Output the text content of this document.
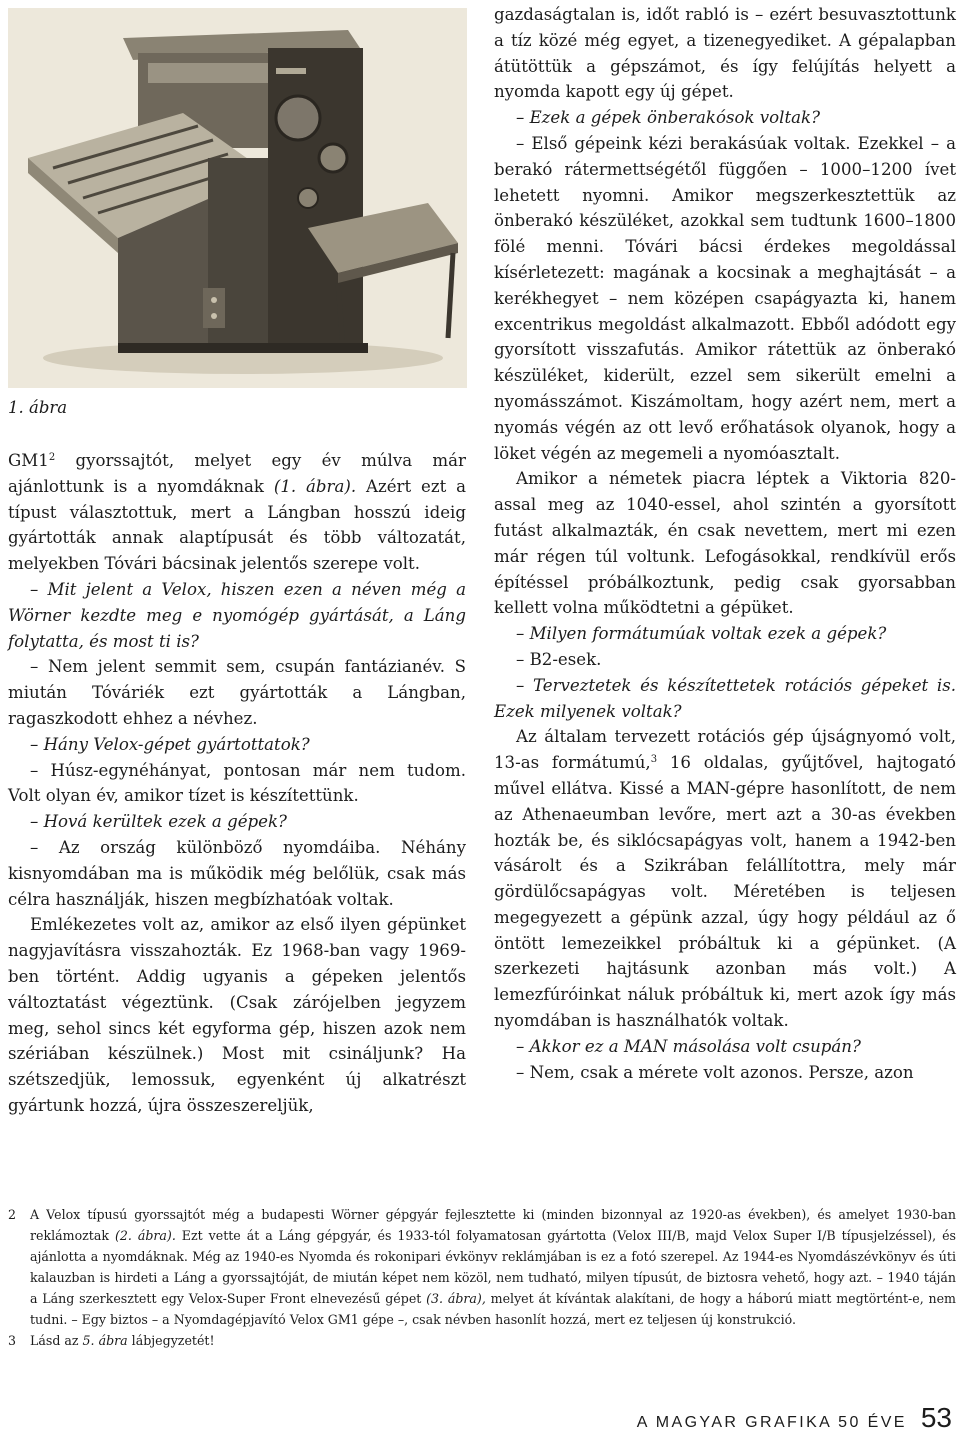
1. ábra

$GM1^2$ gyorssajtót, melyet egy év múlva már ajánlottunk is a nyomdáknak (1. ábra). Azért ezt a típust választottuk, mert a Lángban hosszú ideig gyártották annak alaptípusát és több változatát, melyekben Tóvári bácsinak jelentős szerepe volt.

– Mit jelent a Velox, hiszen ezen a néven még a Wörner kezdte meg e nyomógép gyártását, a Láng folytatta, és most ti is?

– Nem jelent semmit sem, csupán fantázianév. S miután Tóváriék ezt gyártották a Lángban, ragaszkodott ehhez a névhez.

– Hány Velox-gépet gyártottatok?

– Húsz-egynéhányat, pontosan már nem tudom. Volt olyan év, amikor tízet is készítettünk.

– Hová kerültek ezek a gépek?

– Az ország különböző nyomdáiba. Néhány kisnyomdában ma is működik még belőlük, csak más célra használják, hiszen megbízhatóak voltak.

Emlékezetes volt az, amikor az első ilyen gépünket nagyjavításra visszahozták. Ez 1968-ban vagy 1969-ben történt. Addig ugyanis a gépeken jelentős változtatást végeztünk. (Csak zárójelben jegyzem meg, sehol sincs két egyforma gép, hiszen azok nem szériában készülnek.) Most mit csináljunk? Ha szétszedjük, lemossuk, egyenként új alkatrészt gyártunk hozzá, újra összeszereljük,

gazdaságtalan is, időt rabló is – ezért besuvasztottunk a tíz közé még egyet, a tizenegyediket. A gépalapban átütöttük a gépszámot, és így felújítás helyett a nyomda kapott egy új gépet.

– Ezek a gépek önberakósok voltak?

– Első gépeink kézi berakásúak voltak. Ezekkel – a berakó rátermettségétől függően – 1000–1200 ívet lehetett nyomni. Amikor megszerkesztettük az önberakó készüléket, azokkal sem tudtunk 1600–1800 fölé menni. Tóvári bácsi érdekes megoldással kísérletezett: magának a kocsinak a meghajtását – a kerékhegyet – nem középen csapágyazta ki, hanem excentrikus megoldást alkalmazott. Ebből adódott egy gyorsított visszafutás. Amikor rátettük az önberakó készüléket, kiderült, ezzel sem sikerült emelni a nyomásszámot. Kiszámoltam, hogy azért nem, mert a nyomás végén az ott levő erőhatások olyanok, hogy a löket végén az megemeli a nyomóasztalt.

Amikor a németek piacra léptek a Viktoria 820-assal meg az 1040-essel, ahol szintén a gyorsított futást alkalmazták, én csak nevettem, mert mi ezen már régen túl voltunk. Lefogásokkal, rendkívül erős építéssel próbálkoztunk, pedig csak gyorsabban kellett volna működtetni a gépüket.

– Milyen formátumúak voltak ezek a gépek?

– B2-esek.

– Terveztetek és készítettetek rotációs gépeket is. Ezek milyenek voltak?

Az általam tervezett rotációs gép újságnyomó volt, 13-as formátumú,$^3$ 16 oldalas, gyűjtővel, hajtogató művel ellátva. Kissé a MAN-gépre hasonlított, de nem az Athenaeumban levőre, mert azt a 30-as években hozták be, és siklócsapágyas volt, hanem a 1942-ben vásárolt és a Szikrában felállítottra, mely már gördülőcsapágyas volt. Méretében is teljesen megegyezett a gépünk azzal, úgy hogy például az ő öntött lemezeikkel próbáltuk ki a gépünket. (A szerkezeti hajtásunk azonban más volt.) A lemezfúróinkat náluk próbáltuk ki, mert azok így más nyomdában is használhatók voltak.

– Akkor ez a MAN másolása volt csupán?

– Nem, csak a mérete volt azonos. Persze, azon

2	A Velox típusú gyorssajtót még a budapesti Wörner gépgyár fejlesztette ki (minden bizonnyal az 1920-as években), és amelyet 1930-ban reklámoztak (2. ábra). Ezt vette át a Láng gépgyár, és 1933-tól folyamatosan gyártotta (Velox III/B, majd Velox Super I/B típusjelzéssel), és ajánlotta a nyomdáknak. Még az 1940-es Nyomda és rokonipari évkönyv reklámjában is ez a fotó szerepel. Az 1944-es Nyomdászévkönyv és úti kalauzban is hirdeti a Láng a gyorssajtóját, de miután képet nem közöl, nem tudható, milyen típusút, de biztosra vehető, hogy azt. – 1940 táján a Láng szerkesztett egy Velox-Super Front elnevezésű gépet (3. ábra), melyet át kívántak alakítani, de hogy a háború miatt megtörtént-e, nem tudni. – Egy biztos – a Nyomdagépjavító Velox GM1 gépe –, csak névben hasonlít hozzá, mert ez teljesen új konstrukció.
3	Lásd az 5. ábra lábjegyzetét!
A MAGYAR GRAFIKA 50 ÉVE 53
